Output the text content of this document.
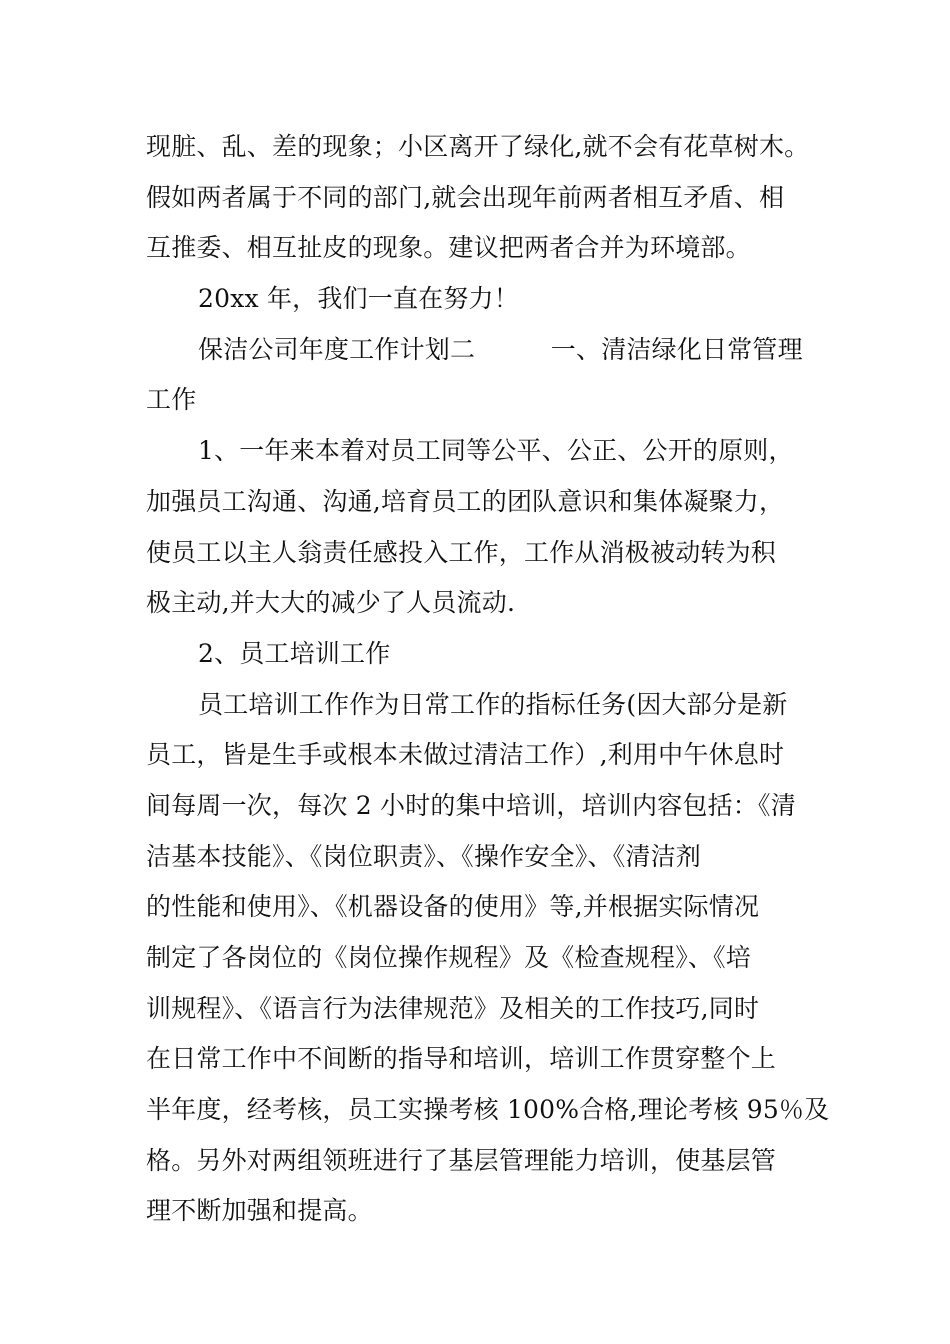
现脏、乱、差的现象；小区离开了绿化,就不会有花草树木。
假如两者属于不同的部门,就会出现年前两者相互矛盾、相
互推委、相互扯皮的现象。建议把两者合并为环境部。
20xx 年，我们一直在努力！
保洁公司年度工作计划二　　　一、清洁绿化日常管理
工作
1、一年来本着对员工同等公平、公正、公开的原则，
加强员工沟通、沟通,培育员工的团队意识和集体凝聚力，
使员工以主人翁责任感投入工作，工作从消极被动转为积
极主动,并大大的减少了人员流动.
2、员工培训工作
员工培训工作作为日常工作的指标任务(因大部分是新
员工，皆是生手或根本未做过清洁工作）,利用中午休息时
间每周一次，每次 2 小时的集中培训，培训内容包括：《清
洁基本技能》、《岗位职责》、《操作安全》、《清洁剂
的性能和使用》、《机器设备的使用》等,并根据实际情况
制定了各岗位的《岗位操作规程》及《检查规程》、《培
训规程》、《语言行为法律规范》及相关的工作技巧,同时
在日常工作中不间断的指导和培训，培训工作贯穿整个上
半年度，经考核，员工实操考核 100%合格,理论考核 95％及
格。另外对两组领班进行了基层管理能力培训，使基层管
理不断加强和提高。
